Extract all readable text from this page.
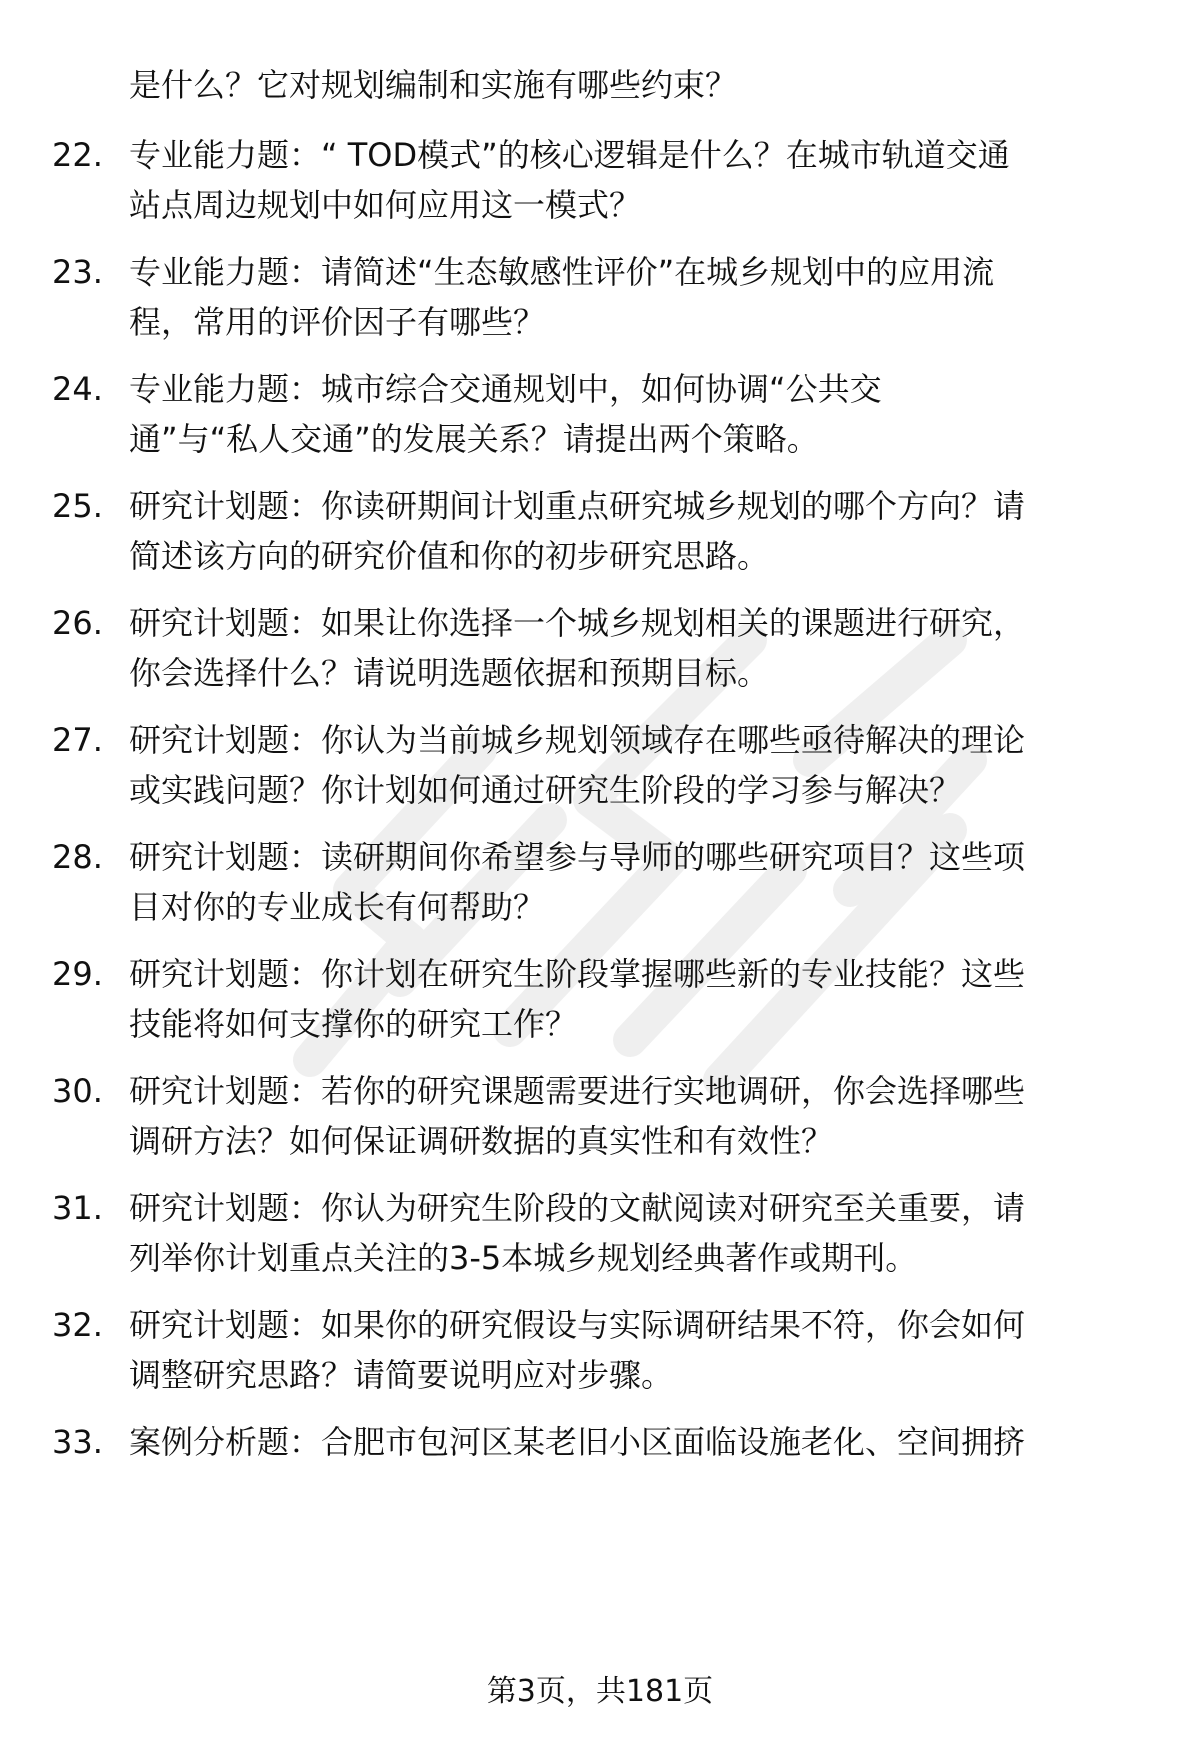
是什么？它对规划编制和实施有哪些约束？
22. 专业能力题：“ TOD模式”的核心逻辑是什么？在城市轨道交通
站点周边规划中如何应用这一模式？
23. 专业能力题：请简述“生态敏感性评价”在城乡规划中的应用流
程，常用的评价因子有哪些？
24. 专业能力题：城市综合交通规划中，如何协调“公共交
通”与“私人交通”的发展关系？请提出两个策略。
25. 研究计划题：你读研期间计划重点研究城乡规划的哪个方向？请
简述该方向的研究价值和你的初步研究思路。
26. 研究计划题：如果让你选择一个城乡规划相关的课题进行研究，
你会选择什么？请说明选题依据和预期目标。
27. 研究计划题：你认为当前城乡规划领域存在哪些亟待解决的理论
或实践问题？你计划如何通过研究生阶段的学习参与解决？
28. 研究计划题：读研期间你希望参与导师的哪些研究项目？这些项
目对你的专业成长有何帮助？
29. 研究计划题：你计划在研究生阶段掌握哪些新的专业技能？这些
技能将如何支撑你的研究工作？
30. 研究计划题：若你的研究课题需要进行实地调研，你会选择哪些
调研方法？如何保证调研数据的真实性和有效性？
31. 研究计划题：你认为研究生阶段的文献阅读对研究至关重要，请
列举你计划重点关注的3-5本城乡规划经典著作或期刊。
32. 研究计划题：如果你的研究假设与实际调研结果不符，你会如何
调整研究思路？请简要说明应对步骤。
33. 案例分析题：合肥市包河区某老旧小区面临设施老化、空间拥挤
第3页，共181页
